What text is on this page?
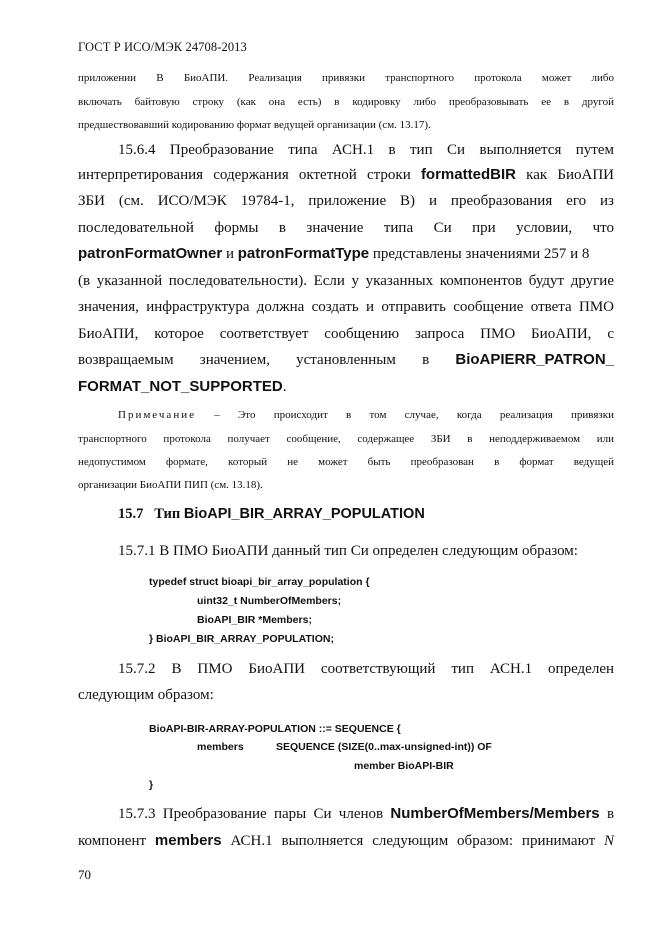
ГОСТ Р ИСО/МЭК 24708-2013
приложении В БиоАПИ. Реализация привязки транспортного протокола может либо
включать байтовую строку (как она есть) в кодировку либо преобразовывать ее в другой
предшествовавший кодированию формат ведущей организации (см. 13.17).
15.6.4 Преобразование типа АСН.1 в тип Си выполняется путем
интерпретирования содержания октетной строки formattedBIR как БиоАПИ
ЗБИ (см. ИСО/МЭК 19784-1, приложение В) и преобразования его из
последовательной формы в значение типа Си при условии, что
patronFormatOwner и patronFormatType представлены значениями 257 и 8
(в указанной последовательности). Если у указанных компонентов будут другие
значения, инфраструктура должна создать и отправить сообщение ответа ПМО
БиоАПИ, которое соответствует сообщению запроса ПМО БиоАПИ, с
возвращаемым значением, установленным в BioAPIERR_PATRON_
FORMAT_NOT_SUPPORTED.
Примечание – Это происходит в том случае, когда реализация привязки
транспортного протокола получает сообщение, содержащее ЗБИ в неподдерживаемом или
недопустимом формате, который не может быть преобразован в формат ведущей
организации БиоАПИ ПИП (см. 13.18).
15.7 Тип BioAPI_BIR_ARRAY_POPULATION
15.7.1 В ПМО БиоАПИ данный тип Си определен следующим образом:
typedef struct bioapi_bir_array_population {
uint32_t NumberOfMembers;
BioAPI_BIR *Members;
} BioAPI_BIR_ARRAY_POPULATION;
15.7.2 В ПМО БиоАПИ соответствующий тип АСН.1 определен
следующим образом:
BioAPI-BIR-ARRAY-POPULATION ::= SEQUENCE {
members	SEQUENCE (SIZE(0..max-unsigned-int)) OF
member BioAPI-BIR
}
15.7.3 Преобразование пары Си членов NumberOfMembers/Members в
компонент members АСН.1 выполняется следующим образом: принимают N
70
